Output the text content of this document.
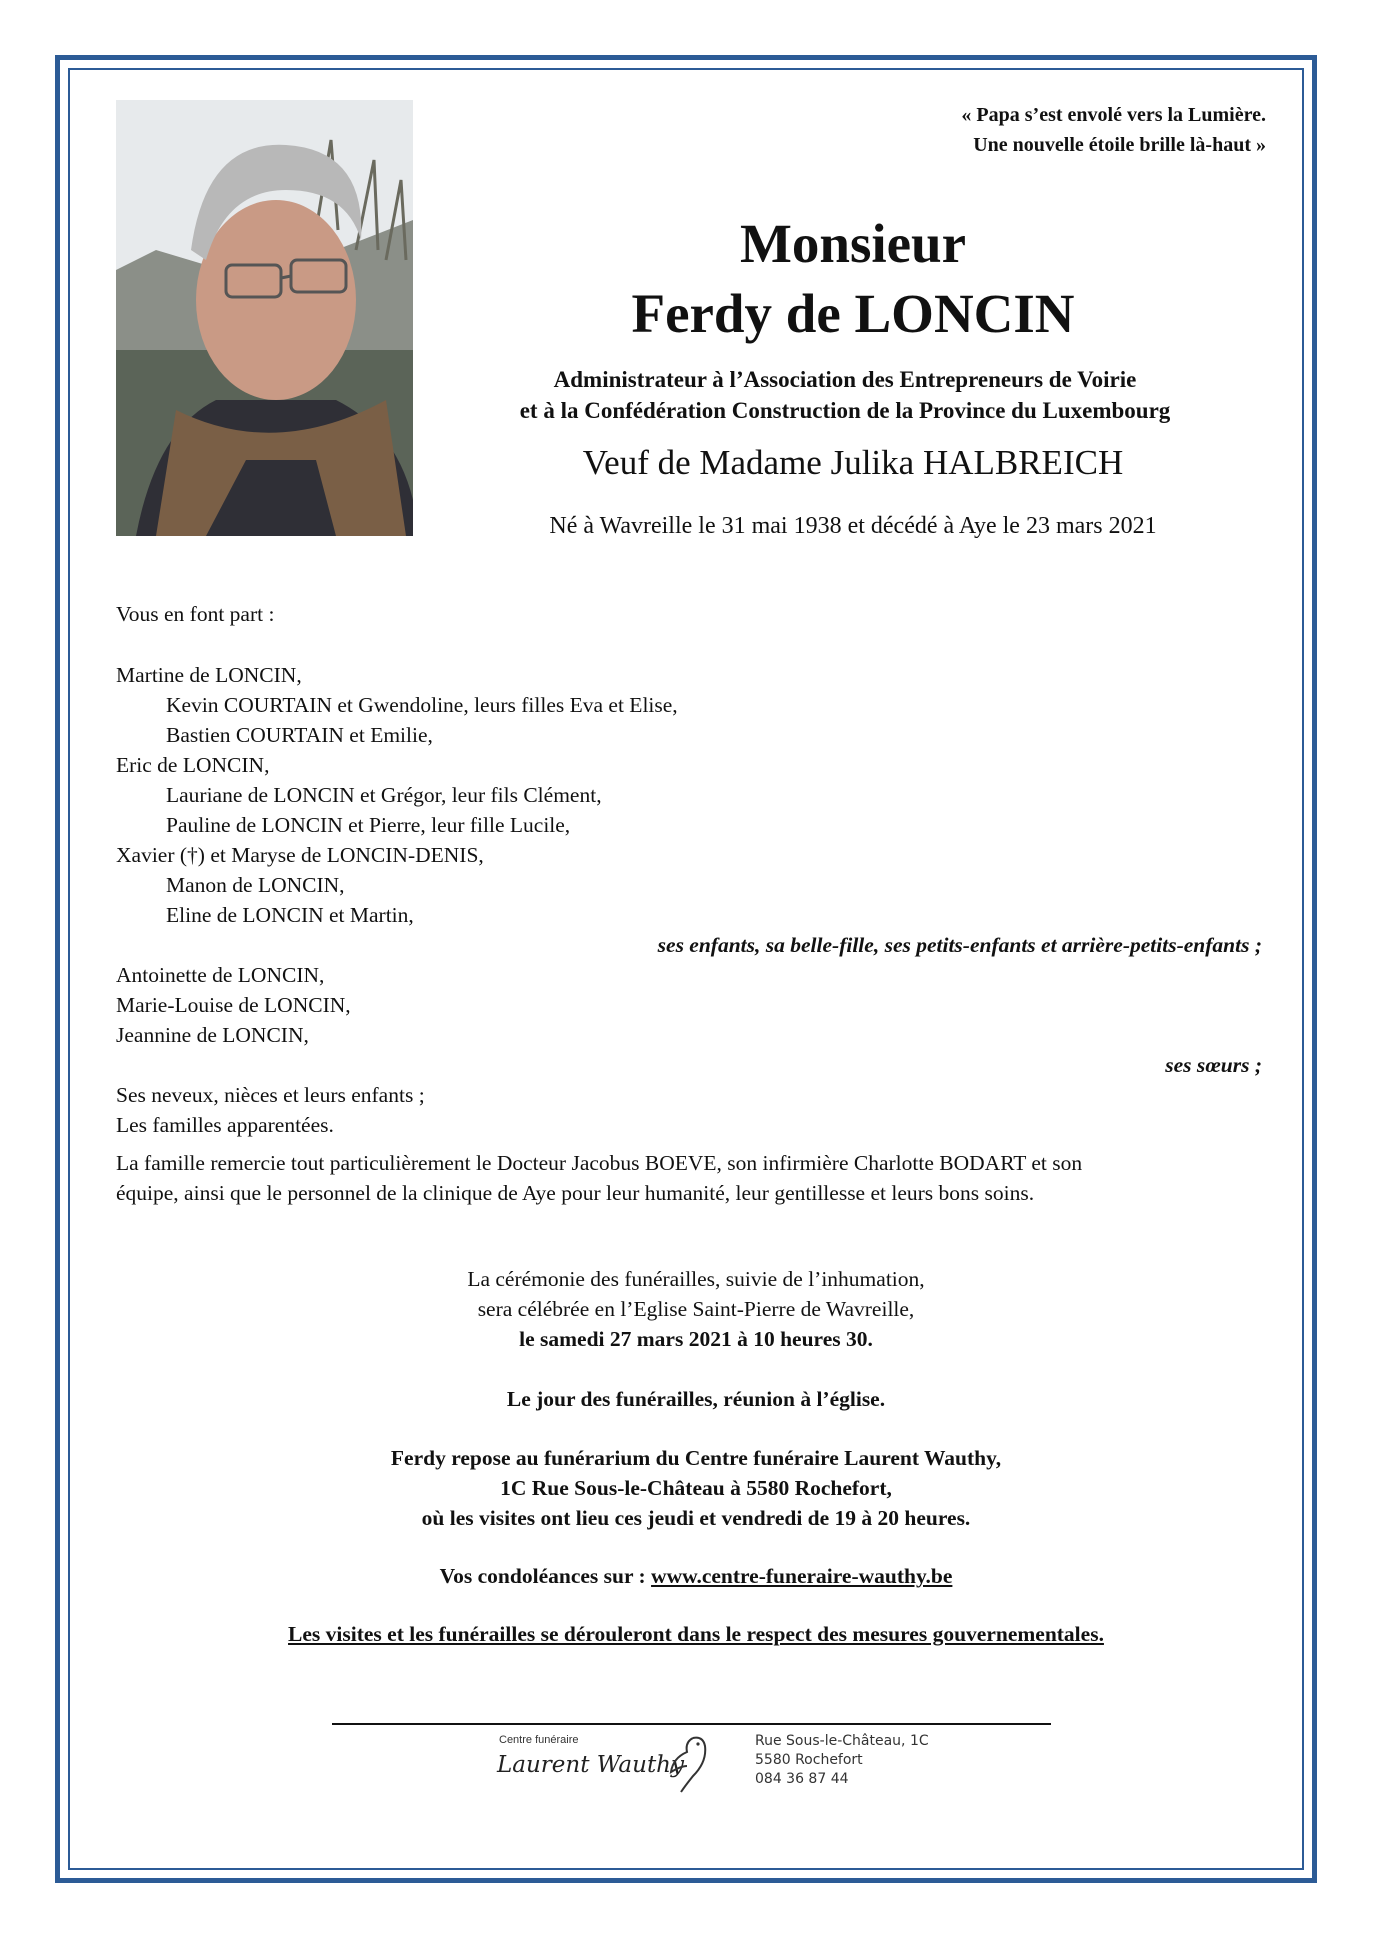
« Papa s’est envolé vers la Lumière.
Une nouvelle étoile brille là-haut »
Monsieur
Ferdy de LONCIN
Administrateur à l’Association des Entrepreneurs de Voirie
et à la Confédération Construction de la Province du Luxembourg
Veuf de Madame Julika HALBREICH
Né à Wavreille le 31 mai 1938 et décédé à Aye le 23 mars 2021
Vous en font part :
Martine de LONCIN,
Kevin COURTAIN et Gwendoline, leurs filles Eva et Elise,
Bastien COURTAIN et Emilie,
Eric de LONCIN,
Lauriane de LONCIN et Grégor, leur fils Clément,
Pauline de LONCIN et Pierre, leur fille Lucile,
Xavier (†) et Maryse de LONCIN-DENIS,
Manon de LONCIN,
Eline de LONCIN et Martin,
ses enfants, sa belle-fille, ses petits-enfants et arrière-petits-enfants ;
Antoinette de LONCIN,
Marie-Louise de LONCIN,
Jeannine de LONCIN,
ses sœurs ;
Ses neveux, nièces et leurs enfants ;
Les familles apparentées.
La famille remercie tout particulièrement le Docteur Jacobus BOEVE, son infirmière Charlotte BODART et son
équipe, ainsi que le personnel de la clinique de Aye pour leur humanité, leur gentillesse et leurs bons soins.
La cérémonie des funérailles, suivie de l’inhumation,
sera célébrée en l’Eglise Saint-Pierre de Wavreille,
le samedi 27 mars 2021 à 10 heures 30.
Le jour des funérailles, réunion à l’église.
Ferdy repose au funérarium du Centre funéraire Laurent Wauthy,
1C Rue Sous-le-Château à 5580 Rochefort,
où les visites ont lieu ces jeudi et vendredi de 19 à 20 heures.
Vos condoléances sur : www.centre-funeraire-wauthy.be
Les visites et les funérailles se dérouleront dans le respect des mesures gouvernementales.
Centre funéraire
Laurent Wauthy
Rue Sous-le-Château, 1C
5580 Rochefort
084 36 87 44
